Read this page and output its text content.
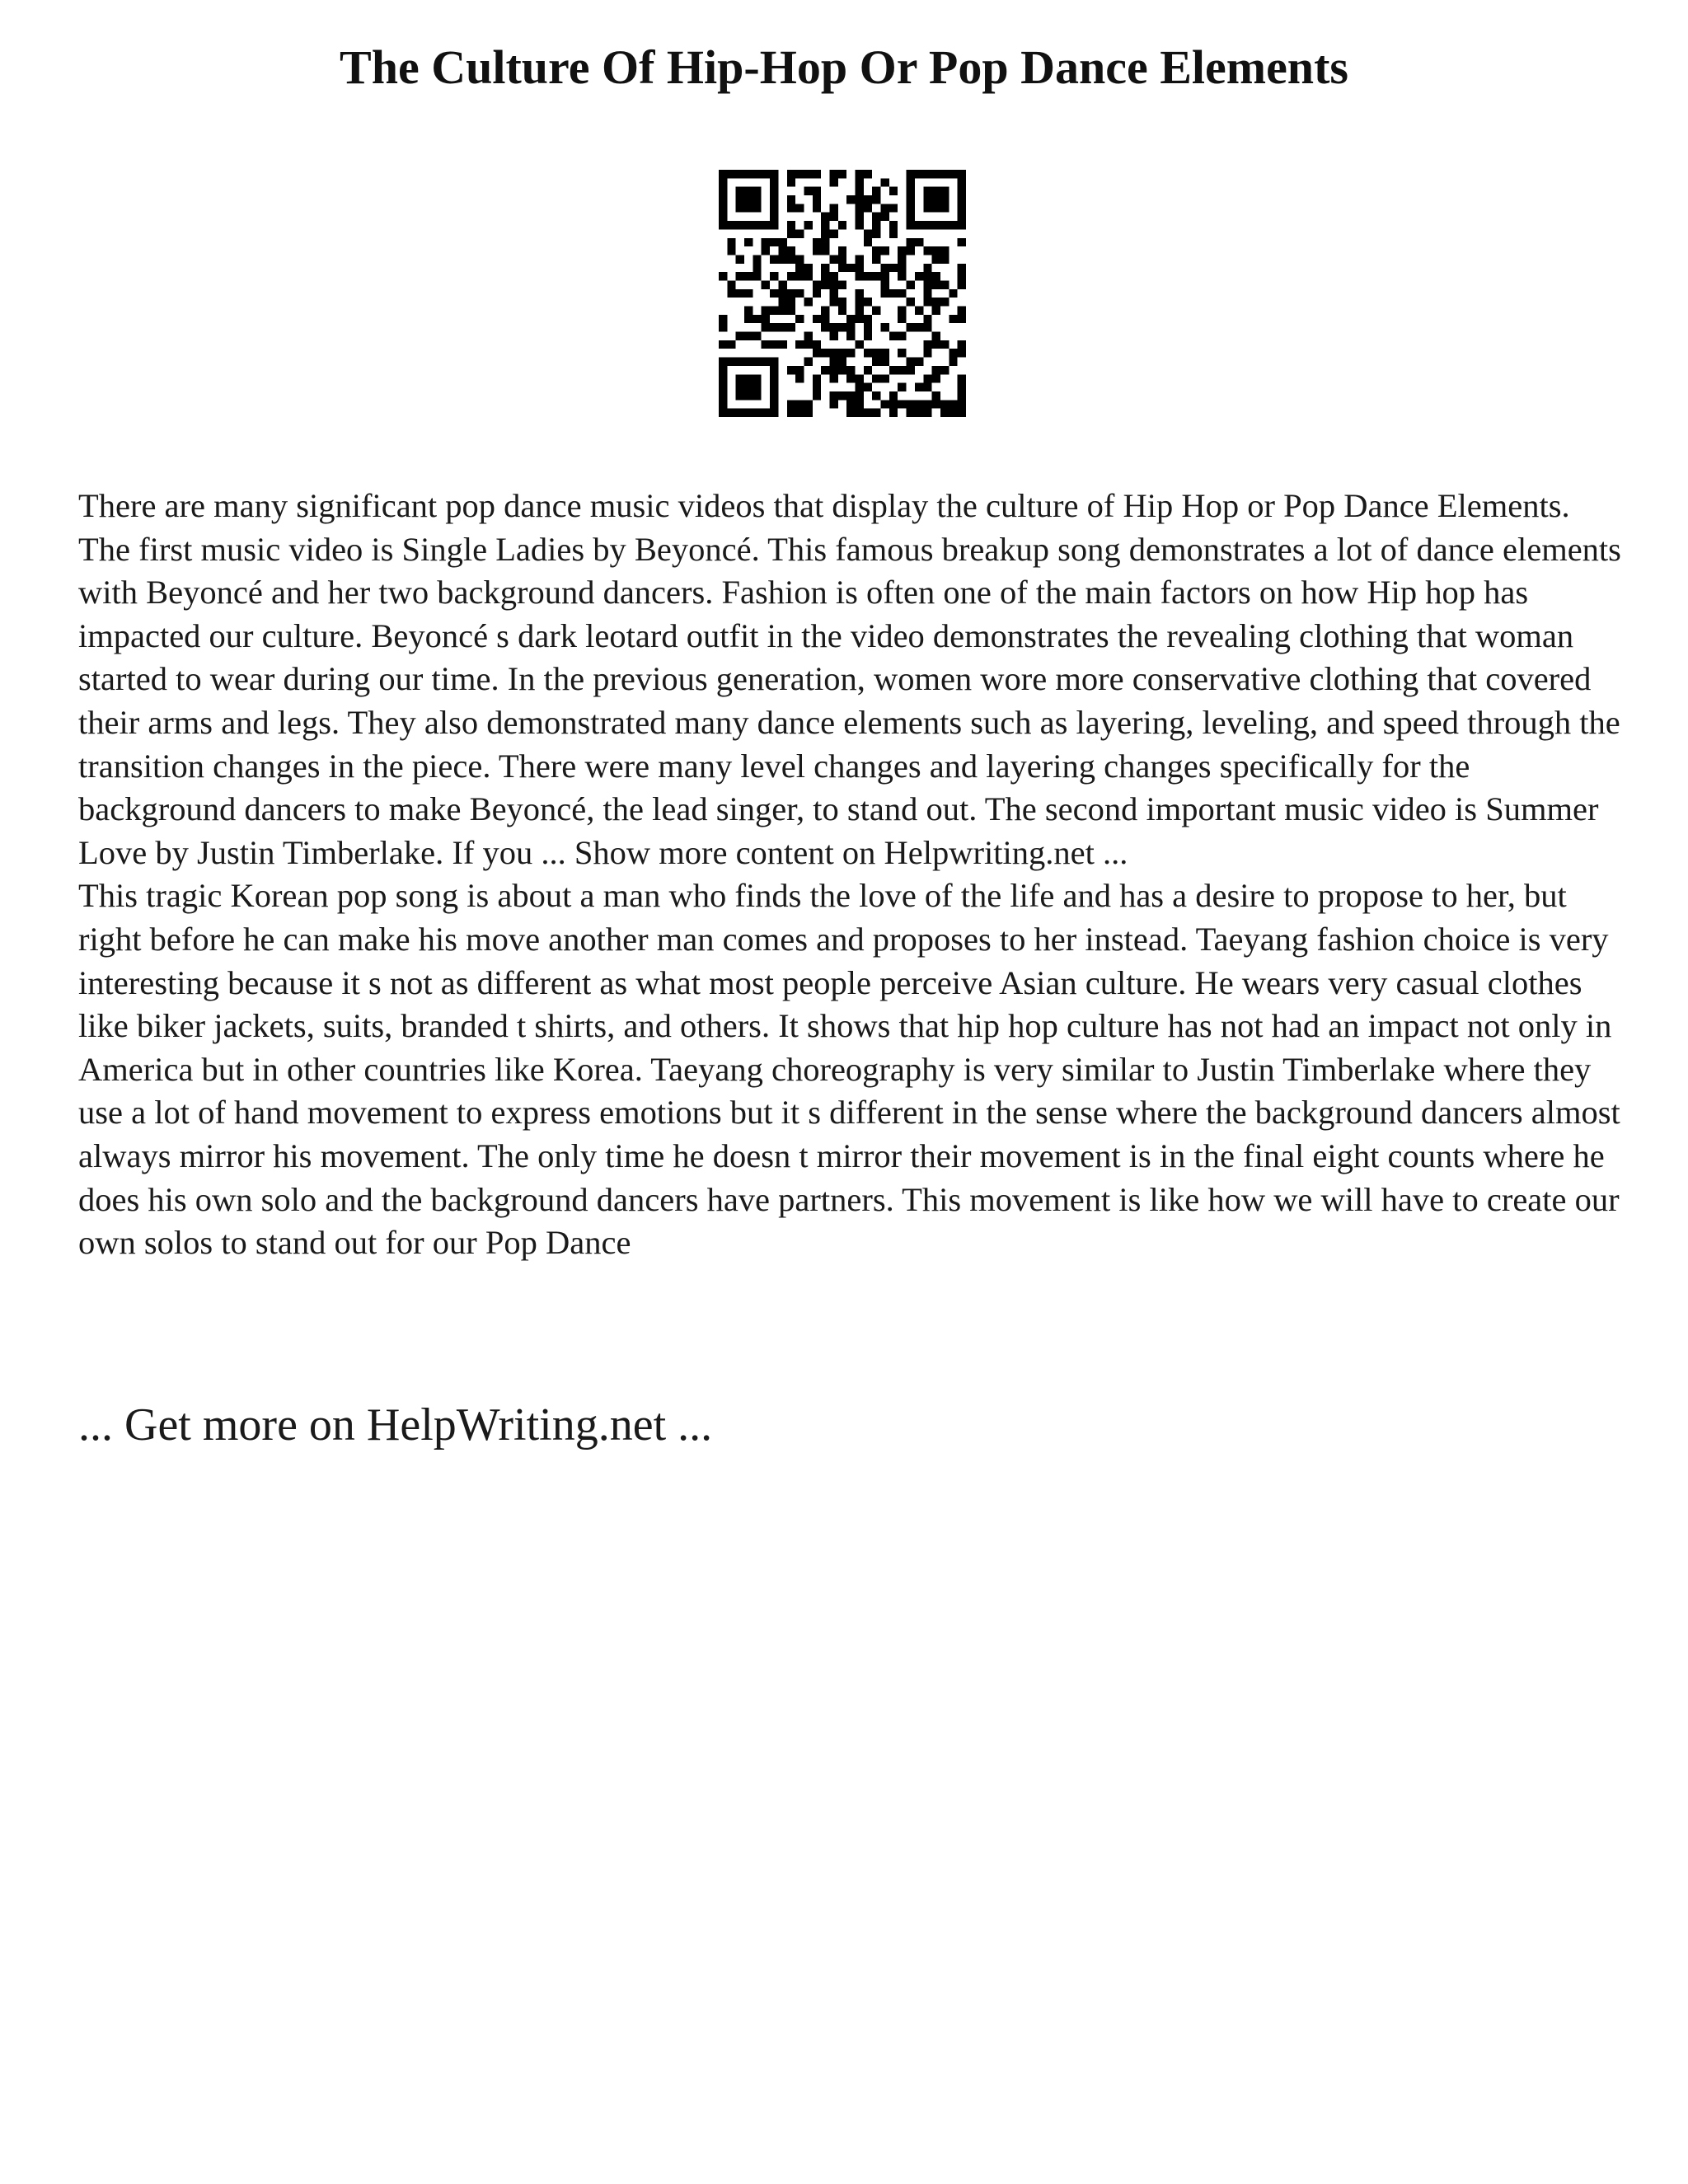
The Culture Of Hip-Hop Or Pop Dance Elements

There are many significant pop dance music videos that display the culture of Hip Hop or Pop Dance Elements. The first music video is Single Ladies by Beyoncé. This famous breakup song demonstrates a lot of dance elements with Beyoncé and her two background dancers. Fashion is often one of the main factors on how Hip hop has impacted our culture. Beyoncé s dark leotard outfit in the video demonstrates the revealing clothing that woman started to wear during our time. In the previous generation, women wore more conservative clothing that covered their arms and legs. They also demonstrated many dance elements such as layering, leveling, and speed through the transition changes in the piece. There were many level changes and layering changes specifically for the background dancers to make Beyoncé, the lead singer, to stand out. The second important music video is Summer Love by Justin Timberlake. If you ... Show more content on Helpwriting.net ...

This tragic Korean pop song is about a man who finds the love of the life and has a desire to propose to her, but right before he can make his move another man comes and proposes to her instead. Taeyang fashion choice is very interesting because it s not as different as what most people perceive Asian culture. He wears very casual clothes like biker jackets, suits, branded t shirts, and others. It shows that hip hop culture has not had an impact not only in America but in other countries like Korea. Taeyang choreography is very similar to Justin Timberlake where they use a lot of hand movement to express emotions but it s different in the sense where the background dancers almost always mirror his movement. The only time he doesn t mirror their movement is in the final eight counts where he does his own solo and the background dancers have partners. This movement is like how we will have to create our own solos to stand out for our Pop Dance

... Get more on HelpWriting.net ...
